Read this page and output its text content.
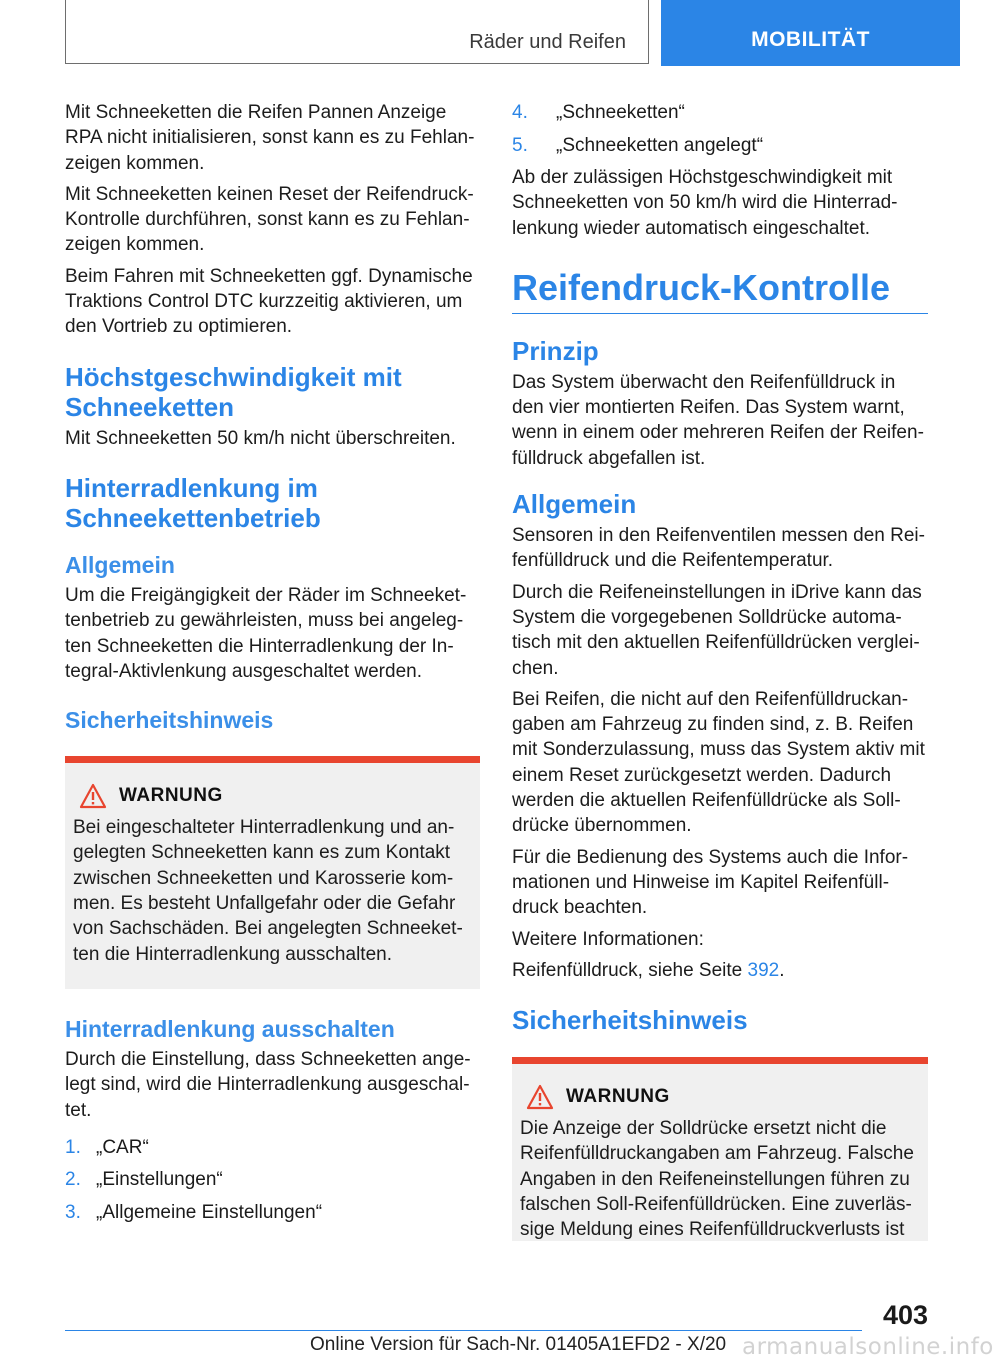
Räder und Reifen	MOBILITÄT

Mit Schneeketten die Reifen Pannen Anzeige RPA nicht initialisieren, sonst kann es zu Fehlanzeigen kommen.

Mit Schneeketten keinen Reset der Reifendruck-Kontrolle durchführen, sonst kann es zu Fehlanzeigen kommen.

Beim Fahren mit Schneeketten ggf. Dynamische Traktions Control DTC kurzzeitig aktivieren, um den Vortrieb zu optimieren.

Höchstgeschwindigkeit mit Schneeketten

Mit Schneeketten 50 km/h nicht überschreiten.

Hinterradlenkung im Schneekettenbetrieb
Allgemein

Um die Freigängigkeit der Räder im Schneekettenbetrieb zu gewährleisten, muss bei angelegten Schneeketten die Hinterradlenkung der Integral-Aktivlenkung ausgeschaltet werden.

Sicherheitshinweis
WARNUNG
Bei eingeschalteter Hinterradlenkung und angelegten Schneeketten kann es zum Kontakt zwischen Schneeketten und Karosserie kommen. Es besteht Unfallgefahr oder die Gefahr von Sachschäden. Bei angelegten Schneeketten die Hinterradlenkung ausschalten.
Hinterradlenkung ausschalten

Durch die Einstellung, dass Schneeketten angelegt sind, wird die Hinterradlenkung ausgeschaltet.

1. „CAR“
2. „Einstellungen“
3. „Allgemeine Einstellungen“
4.	„Schneeketten“
5.	„Schneeketten angelegt“

Ab der zulässigen Höchstgeschwindigkeit mit Schneeketten von 50 km/h wird die Hinterradlenkung wieder automatisch eingeschaltet.

Reifendruck-Kontrolle
Prinzip

Das System überwacht den Reifenfülldruck in den vier montierten Reifen. Das System warnt, wenn in einem oder mehreren Reifen der Reifenfülldruck abgefallen ist.

Allgemein

Sensoren in den Reifenventilen messen den Reifenfülldruck und die Reifentemperatur.

Durch die Reifeneinstellungen in iDrive kann das System die vorgegebenen Solldrücke automatisch mit den aktuellen Reifenfülldrücken vergleichen.

Bei Reifen, die nicht auf den Reifenfülldruckangaben am Fahrzeug zu finden sind, z. B. Reifen mit Sonderzulassung, muss das System aktiv mit einem Reset zurückgesetzt werden. Dadurch werden die aktuellen Reifenfülldrücke als Solldrücke übernommen.

Für die Bedienung des Systems auch die Informationen und Hinweise im Kapitel Reifenfülldruck beachten.

Weitere Informationen:

Reifenfülldruck, siehe Seite 392.

Sicherheitshinweis
WARNUNG
Die Anzeige der Solldrücke ersetzt nicht die Reifenfülldruckangaben am Fahrzeug. Falsche Angaben in den Reifeneinstellungen führen zu falschen Soll-Reifenfülldrücken. Eine zuverlässige Meldung eines Reifenfülldruckverlusts ist
403
Online Version für Sach-Nr. 01405A1EFD2 - X/20 armanualsonline.info
